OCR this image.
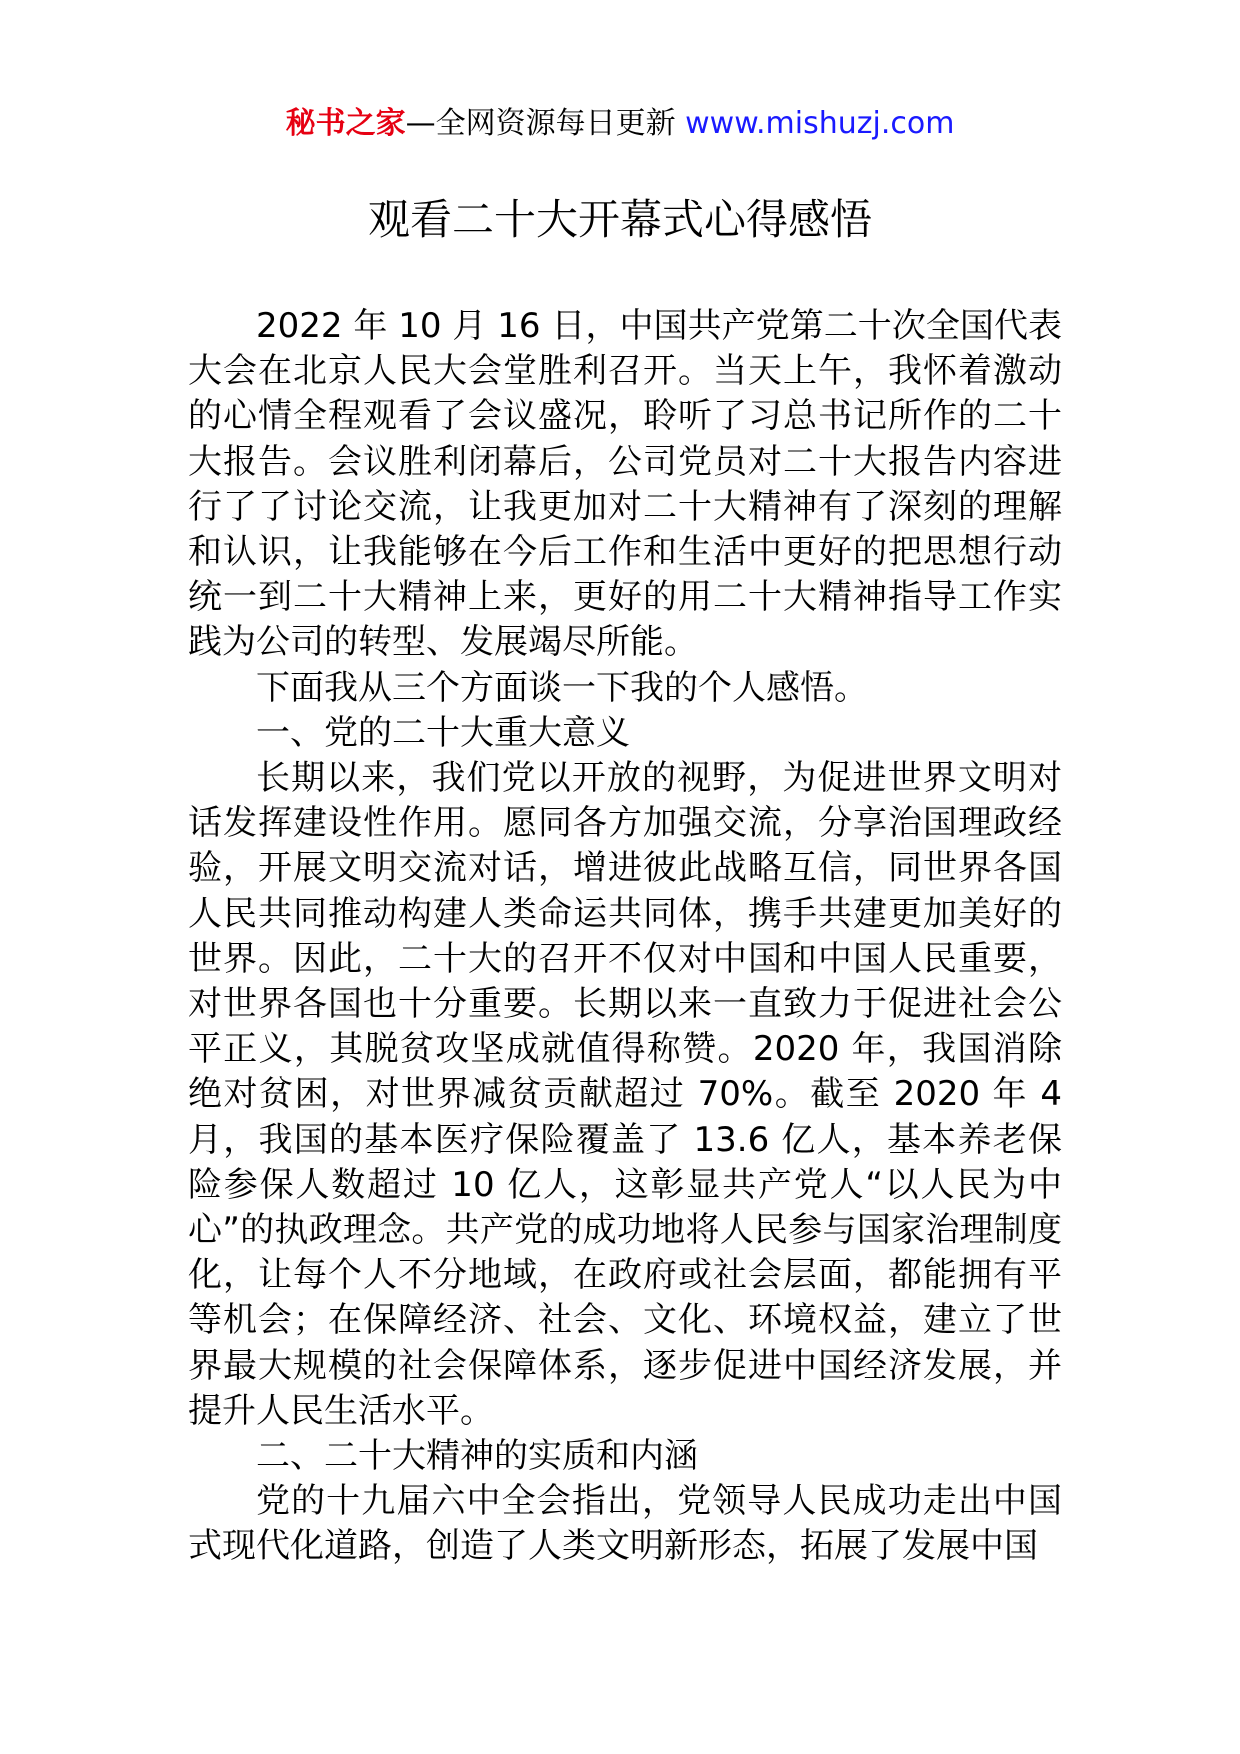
秘书之家—全网资源每日更新 www.mishuzj.com
观看二十大开幕式心得感悟

2022 年 10 月 16 日，中国共产党第二十次全国代表大会在北京人民大会堂胜利召开。当天上午，我怀着激动的心情全程观看了会议盛况，聆听了习总书记所作的二十大报告。会议胜利闭幕后，公司党员对二十大报告内容进行了了讨论交流，让我更加对二十大精神有了深刻的理解和认识，让我能够在今后工作和生活中更好的把思想行动统一到二十大精神上来，更好的用二十大精神指导工作实践为公司的转型、发展竭尽所能。

下面我从三个方面谈一下我的个人感悟。

一、党的二十大重大意义

长期以来，我们党以开放的视野，为促进世界文明对话发挥建设性作用。愿同各方加强交流，分享治国理政经验，开展文明交流对话，增进彼此战略互信，同世界各国人民共同推动构建人类命运共同体，携手共建更加美好的世界。因此，二十大的召开不仅对中国和中国人民重要，对世界各国也十分重要。长期以来一直致力于促进社会公平正义，其脱贫攻坚成就值得称赞。2020 年，我国消除绝对贫困，对世界减贫贡献超过 70%。截至 2020 年 4 月，我国的基本医疗保险覆盖了 13.6 亿人，基本养老保险参保人数超过 10 亿人，这彰显共产党人“以人民为中心”的执政理念。共产党的成功地将人民参与国家治理制度化，让每个人不分地域，在政府或社会层面，都能拥有平等机会；在保障经济、社会、文化、环境权益，建立了世界最大规模的社会保障体系，逐步促进中国经济发展，并提升人民生活水平。

二、二十大精神的实质和内涵

党的十九届六中全会指出，党领导人民成功走出中国式现代化道路，创造了人类文明新形态，拓展了发展中国
